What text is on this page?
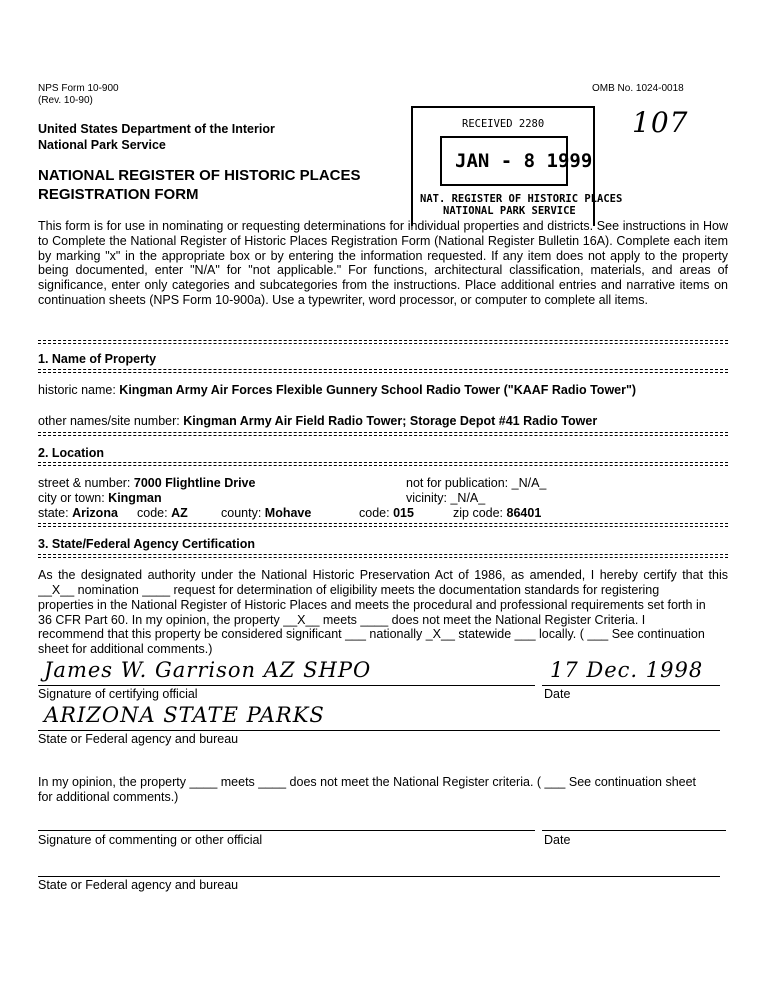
NPS Form 10-900
(Rev. 10-90)
OMB No. 1024-0018
United States Department of the Interior
National Park Service
NATIONAL REGISTER OF HISTORIC PLACES
REGISTRATION FORM
RECEIVED 2280
JAN - 8 1999
NAT. REGISTER OF HISTORIC PLACES
NATIONAL PARK SERVICE
107
This form is for use in nominating or requesting determinations for individual properties and districts. See instructions in How to Complete the National Register of Historic Places Registration Form (National Register Bulletin 16A). Complete each item by marking "x" in the appropriate box or by entering the information requested. If any item does not apply to the property being documented, enter "N/A" for "not applicable." For functions, architectural classification, materials, and areas of significance, enter only categories and subcategories from the instructions. Place additional entries and narrative items on continuation sheets (NPS Form 10-900a). Use a typewriter, word processor, or computer to complete all items.
1. Name of Property
historic name: Kingman Army Air Forces Flexible Gunnery School Radio Tower ("KAAF Radio Tower")
other names/site number: Kingman Army Air Field Radio Tower; Storage Depot #41 Radio Tower
2. Location
street & number: 7000 Flightline Drive	not for publication: _N/A_
city or town: Kingman	vicinity: _N/A_
state: Arizona code: AZ	county: Mohave	code: 015	zip code: 86401
3. State/Federal Agency Certification
As the designated authority under the National Historic Preservation Act of 1986, as amended, I hereby certify that this
__X__ nomination ____ request for determination of eligibility meets the documentation standards for registering
properties in the National Register of Historic Places and meets the procedural and professional requirements set forth in
36 CFR Part 60. In my opinion, the property __X__ meets ____ does not meet the National Register Criteria. I
recommend that this property be considered significant ___ nationally _X__ statewide ___ locally. ( ___ See continuation
sheet for additional comments.)
James W. Garrison AZ SHPO	17 Dec. 1998
Signature of certifying official	Date
ARIZONA STATE PARKS
State or Federal agency and bureau
In my opinion, the property ____ meets ____ does not meet the National Register criteria. ( ___ See continuation sheet
for additional comments.)
Signature of commenting or other official	Date
State or Federal agency and bureau
